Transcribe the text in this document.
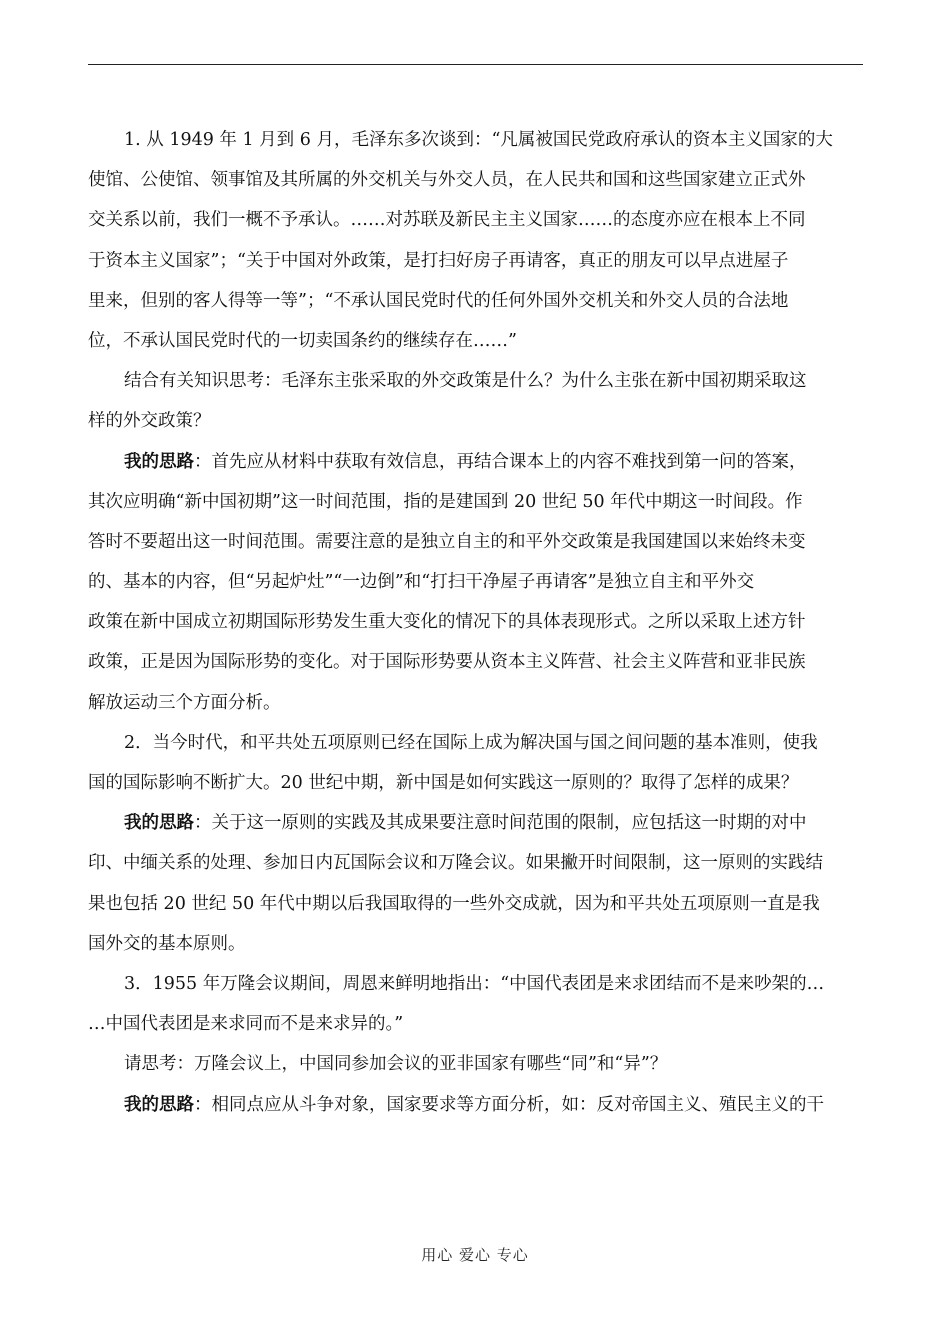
1. 从 1949 年 1 月到 6 月，毛泽东多次谈到：“凡属被国民党政府承认的资本主义国家的大
使馆、公使馆、领事馆及其所属的外交机关与外交人员，在人民共和国和这些国家建立正式外
交关系以前，我们一概不予承认。……对苏联及新民主主义国家……的态度亦应在根本上不同
于资本主义国家”；“关于中国对外政策，是打扫好房子再请客，真正的朋友可以早点进屋子
里来，但别的客人得等一等”；“不承认国民党时代的任何外国外交机关和外交人员的合法地
位，不承认国民党时代的一切卖国条约的继续存在……”
结合有关知识思考：毛泽东主张采取的外交政策是什么？为什么主张在新中国初期采取这
样的外交政策？
我的思路：首先应从材料中获取有效信息，再结合课本上的内容不难找到第一问的答案，
其次应明确“新中国初期”这一时间范围，指的是建国到 20 世纪 50 年代中期这一时间段。作
答时不要超出这一时间范围。需要注意的是独立自主的和平外交政策是我国建国以来始终未变
的、基本的内容，但“另起炉灶”“一边倒”和“打扫干净屋子再请客”是独立自主和平外交
政策在新中国成立初期国际形势发生重大变化的情况下的具体表现形式。之所以采取上述方针
政策，正是因为国际形势的变化。对于国际形势要从资本主义阵营、社会主义阵营和亚非民族
解放运动三个方面分析。
2．当今时代，和平共处五项原则已经在国际上成为解决国与国之间问题的基本准则，使我
国的国际影响不断扩大。20 世纪中期，新中国是如何实践这一原则的？取得了怎样的成果？
我的思路：关于这一原则的实践及其成果要注意时间范围的限制，应包括这一时期的对中
印、中缅关系的处理、参加日内瓦国际会议和万隆会议。如果撇开时间限制，这一原则的实践结
果也包括 20 世纪 50 年代中期以后我国取得的一些外交成就，因为和平共处五项原则一直是我
国外交的基本原则。
3．1955 年万隆会议期间，周恩来鲜明地指出：“中国代表团是来求团结而不是来吵架的…
…中国代表团是来求同而不是来求异的。”
请思考：万隆会议上，中国同参加会议的亚非国家有哪些“同”和“异”？
我的思路：相同点应从斗争对象，国家要求等方面分析，如：反对帝国主义、殖民主义的干
用心 爱心 专心
